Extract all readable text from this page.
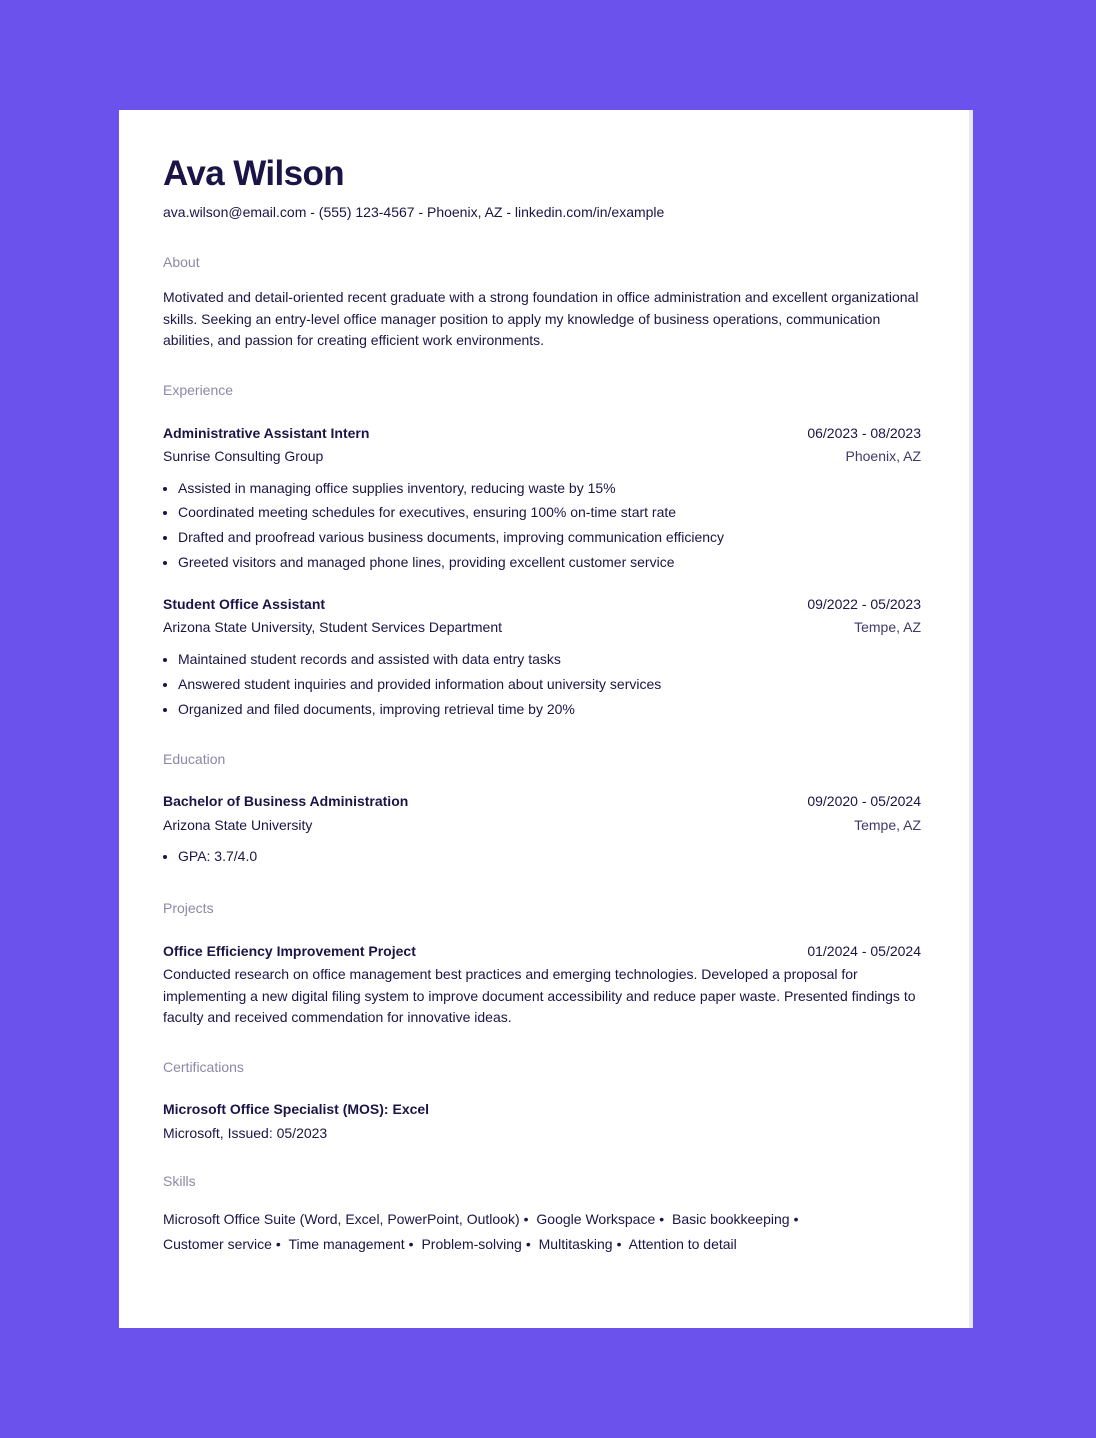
Ava Wilson
ava.wilson@email.com - (555) 123-4567 - Phoenix, AZ - linkedin.com/in/example
About
Motivated and detail-oriented recent graduate with a strong foundation in office administration and excellent organizational skills. Seeking an entry-level office manager position to apply my knowledge of business operations, communication abilities, and passion for creating efficient work environments.
Experience
Administrative Assistant Intern	06/2023 - 08/2023
Sunrise Consulting Group	Phoenix, AZ
• Assisted in managing office supplies inventory, reducing waste by 15%
• Coordinated meeting schedules for executives, ensuring 100% on-time start rate
• Drafted and proofread various business documents, improving communication efficiency
• Greeted visitors and managed phone lines, providing excellent customer service
Student Office Assistant	09/2022 - 05/2023
Arizona State University, Student Services Department	Tempe, AZ
• Maintained student records and assisted with data entry tasks
• Answered student inquiries and provided information about university services
• Organized and filed documents, improving retrieval time by 20%
Education
Bachelor of Business Administration	09/2020 - 05/2024
Arizona State University	Tempe, AZ
• GPA: 3.7/4.0
Projects
Office Efficiency Improvement Project	01/2024 - 05/2024
Conducted research on office management best practices and emerging technologies. Developed a proposal for implementing a new digital filing system to improve document accessibility and reduce paper waste. Presented findings to faculty and received commendation for innovative ideas.
Certifications
Microsoft Office Specialist (MOS): Excel
Microsoft, Issued: 05/2023
Skills
Microsoft Office Suite (Word, Excel, PowerPoint, Outlook) • Google Workspace • Basic bookkeeping •
Customer service • Time management • Problem-solving • Multitasking • Attention to detail
